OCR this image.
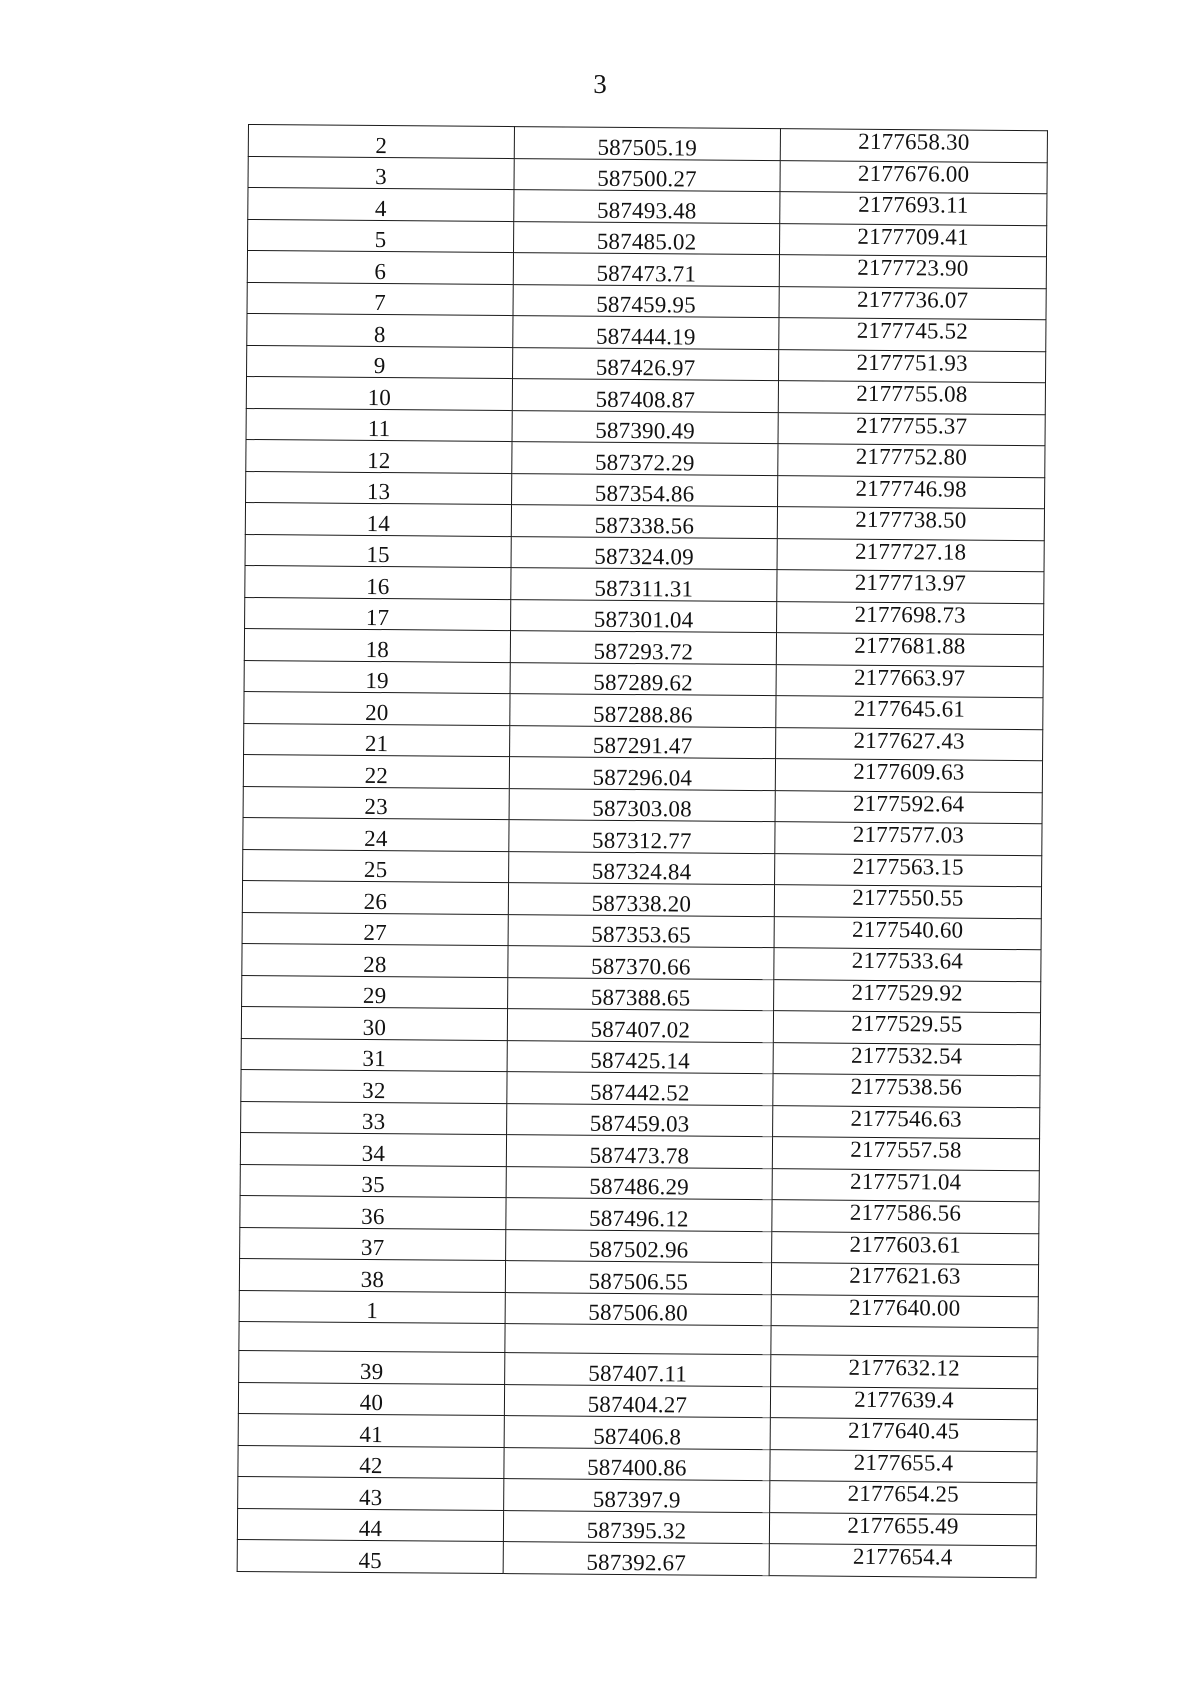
3
2	587505.19	2177658.30
3	587500.27	2177676.00
4	587493.48	2177693.11
5	587485.02	2177709.41
6	587473.71	2177723.90
7	587459.95	2177736.07
8	587444.19	2177745.52
9	587426.97	2177751.93
10	587408.87	2177755.08
11	587390.49	2177755.37
12	587372.29	2177752.80
13	587354.86	2177746.98
14	587338.56	2177738.50
15	587324.09	2177727.18
16	587311.31	2177713.97
17	587301.04	2177698.73
18	587293.72	2177681.88
19	587289.62	2177663.97
20	587288.86	2177645.61
21	587291.47	2177627.43
22	587296.04	2177609.63
23	587303.08	2177592.64
24	587312.77	2177577.03
25	587324.84	2177563.15
26	587338.20	2177550.55
27	587353.65	2177540.60
28	587370.66	2177533.64
29	587388.65	2177529.92
30	587407.02	2177529.55
31	587425.14	2177532.54
32	587442.52	2177538.56
33	587459.03	2177546.63
34	587473.78	2177557.58
35	587486.29	2177571.04
36	587496.12	2177586.56
37	587502.96	2177603.61
38	587506.55	2177621.63
1	587506.80	2177640.00

39	587407.11	2177632.12
40	587404.27	2177639.4
41	587406.8	2177640.45
42	587400.86	2177655.4
43	587397.9	2177654.25
44	587395.32	2177655.49
45	587392.67	2177654.4
